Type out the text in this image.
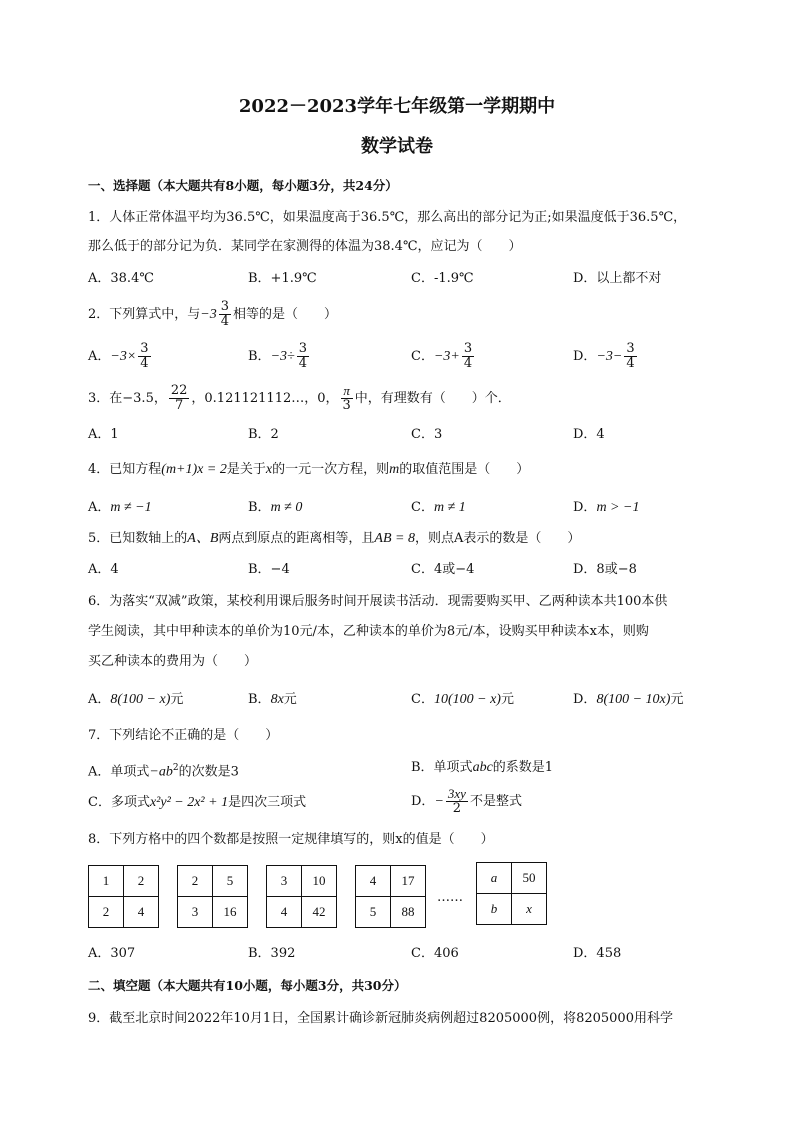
2022－2023学年七年级第一学期期中
数学试卷
一、选择题（本大题共有8小题，每小题3分，共24分）
1．人体正常体温平均为36.5℃，如果温度高于36.5℃，那么高出的部分记为正;如果温度低于36.5℃，
那么低于的部分记为负．某同学在家测得的体温为38.4℃，应记为（　　）
A．38.4℃	B．+1.9℃	C．-1.9℃	D．以上都不对
2．下列算式中，与$-3 \frac{3}{4}$ 相等的是（　　）
A．$-3\times \frac{3}{4}$	B．$-3\div \frac{3}{4}$	C．$-3+ \frac{3}{4}$	D．$-3- \frac{3}{4}$
3．在−3.5， $\frac{22}{7}$ ，0.121121112…，0， $\frac{\pi}{3}$ 中，有理数有（　　）个．
A．1	B．2	C．3	D．4
4．已知方程(m+1)x = 2是关于x的一元一次方程，则m的取值范围是（　　）
A．m ≠ −1	B．m ≠ 0	C．m ≠ 1	D．m > −1
5．已知数轴上的A、B两点到原点的距离相等，且AB = 8，则点A表示的数是（　　）
A．4	B．−4	C．4或−4	D．8或−8
6．为落实“双减”政策，某校利用课后服务时间开展读书活动．现需要购买甲、乙两种读本共100本供
学生阅读，其中甲种读本的单价为10元/本，乙种读本的单价为8元/本，设购买甲种读本x本，则购
买乙种读本的费用为（　　）
A．8(100 − x)元	B．8x元	C．10(100 − x)元	D．8(100 − 10x)元
7．下列结论不正确的是（　　）
A．单项式$-ab^2$的次数是3	B．单项式abc的系数是1
C．多项式x²y² − 2x² + 1是四次三项式	D．− $\frac{3xy}{2}$ 不是整式
8．下列方格中的四个数都是按照一定规律填写的，则x的值是（　　）
1	2
2	4
2	5
3	16
3	10
4	42
4	17
5	88
……
a	50
b	x
A．307	B．392	C．406	D．458
二、填空题（本大题共有10小题，每小题3分，共30分）
9．截至北京时间2022年10月1日，全国累计确诊新冠肺炎病例超过8205000例，将8205000用科学
